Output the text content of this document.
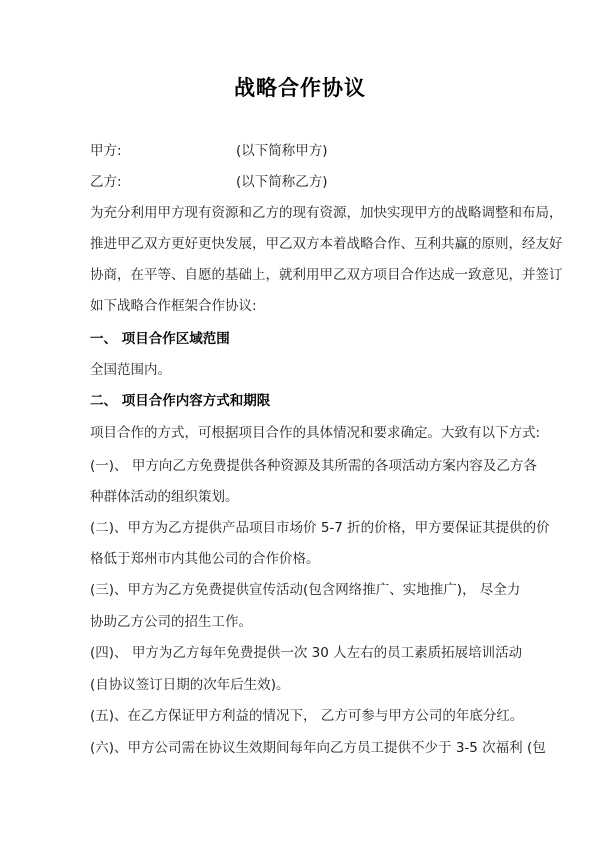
战略合作协议
甲方:	(以下简称甲方)
乙方:	(以下简称乙方)
为充分利用甲方现有资源和乙方的现有资源，加快实现甲方的战略调整和布局，
推进甲乙双方更好更快发展，甲乙双方本着战略合作、互利共赢的原则，经友好
协商，在平等、自愿的基础上，就利用甲乙双方项目合作达成一致意见，并签订
如下战略合作框架合作协议:
一、 项目合作区域范围
全国范围内。
二、 项目合作内容方式和期限
项目合作的方式，可根据项目合作的具体情况和要求确定。大致有以下方式:
(一)、 甲方向乙方免费提供各种资源及其所需的各项活动方案内容及乙方各
种群体活动的组织策划。
(二)、甲方为乙方提供产品项目市场价 5-7 折的价格，甲方要保证其提供的价
格低于郑州市内其他公司的合作价格。
(三)、甲方为乙方免费提供宣传活动(包含网络推广、实地推广)， 尽全力
协助乙方公司的招生工作。
(四)、 甲方为乙方每年免费提供一次 30 人左右的员工素质拓展培训活动
(自协议签订日期的次年后生效)。
(五)、在乙方保证甲方利益的情况下， 乙方可参与甲方公司的年底分红。
(六)、甲方公司需在协议生效期间每年向乙方员工提供不少于 3-5 次福利 (包
